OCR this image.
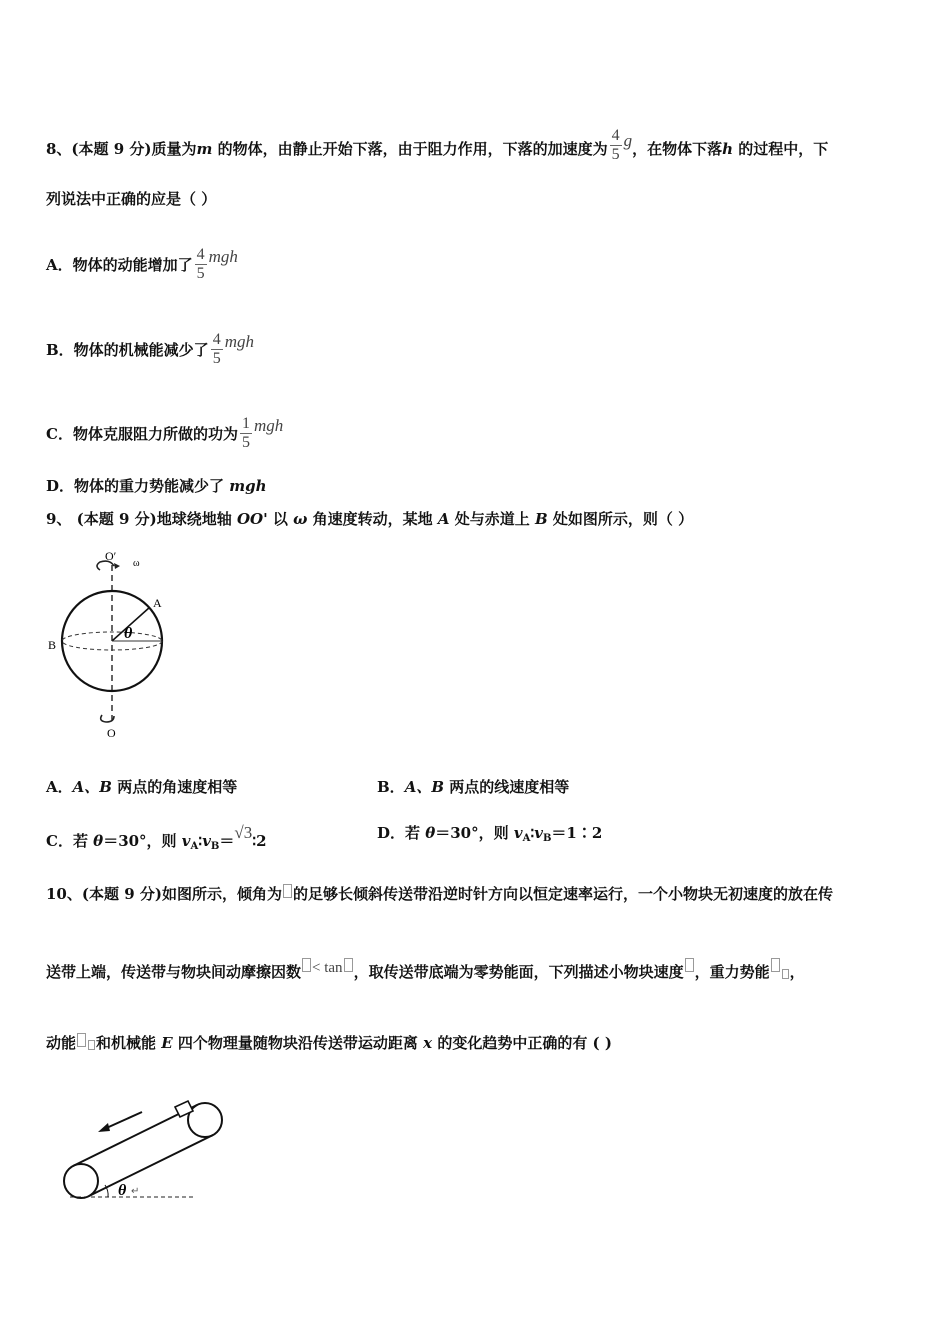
8、(本题 9 分)质量为m 的物体，由静止开始下落，由于阻力作用，下落的加速度为 $\frac{4}{5}$ g，在物体下落h 的过程中，下
列说法中正确的应是（ ）
A．物体的动能增加了 $\frac{4}{5}$ mgh
B．物体的机械能减少了 $\frac{4}{5}$ mgh
C．物体克服阻力所做的功为 $\frac{1}{5}$ mgh
D．物体的重力势能减少了 mgh
9、 (本题 9 分)地球绕地轴 OO' 以 ω 角速度转动，某地 A 处与赤道上 B 处如图所示，则（ ）
O′
ω
A
B
θ
O
A．A、B 两点的角速度相等	B．A、B 两点的线速度相等
C．若 θ＝30°，则 $v_A∶v_B=√3∶2$	D．若 θ＝30°，则 $v_A∶v_B=1∶2$
10、(本题 9 分)如图所示，倾角为 的足够长倾斜传送带沿逆时针方向以恒定速率运行，一个小物块无初速度的放在传
送带上端，传送带与物块间动摩擦因数 < tan ，取传送带底端为零势能面，下列描述小物块速度 ，重力势能 ，
动能 和机械能 E 四个物理量随物块沿传送带运动距离 x 的变化趋势中正确的有 ( )
θ ↵
